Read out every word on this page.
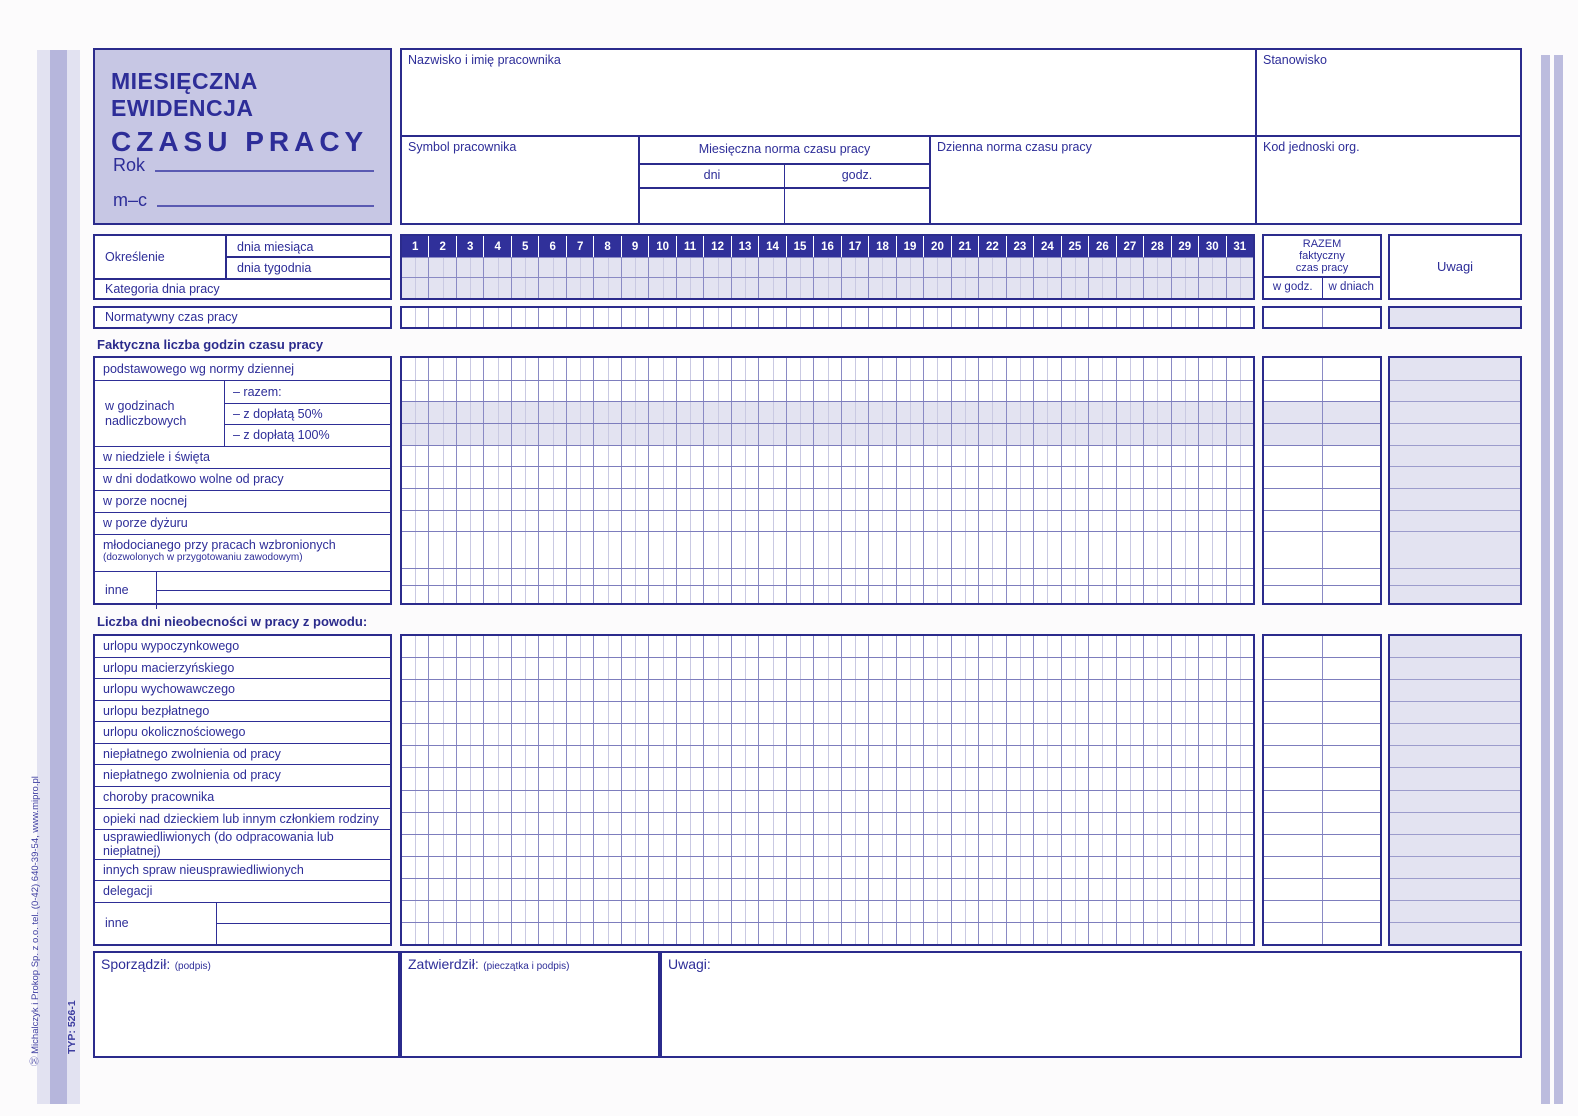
Ⓜ Michalczyk i Prokop Sp. z o.o. tel. (0-42) 640-39-54, www.mipro.pl TYP: 526-1
MIESIĘCZNA EWIDENCJA
CZASU PRACY
Rok
m–c
Nazwisko i imię pracownika	Stanowisko
Symbol pracownika	Miesięczna norma czasu pracy
dni	godz.
Dzienna norma czasu pracy	Kod jednoski org.
Określenie
dnia miesiąca
dnia tygodnia
Kategoria dnia pracy
1	2	3	4	5	6	7	8	9	10	11	12	13	14	15	16	17	18	19	20	21	22	23	24	25	26	27	28	29	30	31	RAZEM
faktyczny
czas pracy
w godz.	w dniach
Uwagi
Normatywny czas pracy
Faktyczna liczba godzin czasu pracy
podstawowego wg normy dziennej
w godzinach
nadliczbowych
– razem:
– z dopłatą 50%
– z dopłatą 100%
w niedziele i święta
w dni dodatkowo wolne od pracy
w porze nocnej
w porze dyżuru
młodocianego przy pracach wzbronionych
(dozwolonych w przygotowaniu zawodowym)
inne
Liczba dni nieobecności w pracy z powodu:
urlopu wypoczynkowego
urlopu macierzyńskiego
urlopu wychowawczego
urlopu bezpłatnego
urlopu okolicznościowego
niepłatnego zwolnienia od pracy
niepłatnego zwolnienia od pracy
choroby pracownika
opieki nad dzieckiem lub innym członkiem rodziny
usprawiedliwionych (do odpracowania lub niepłatnej)
innych spraw nieusprawiedliwionych
delegacji
inne
Sporządził: (podpis)	Zatwierdził: (pieczątka i podpis)	Uwagi:
